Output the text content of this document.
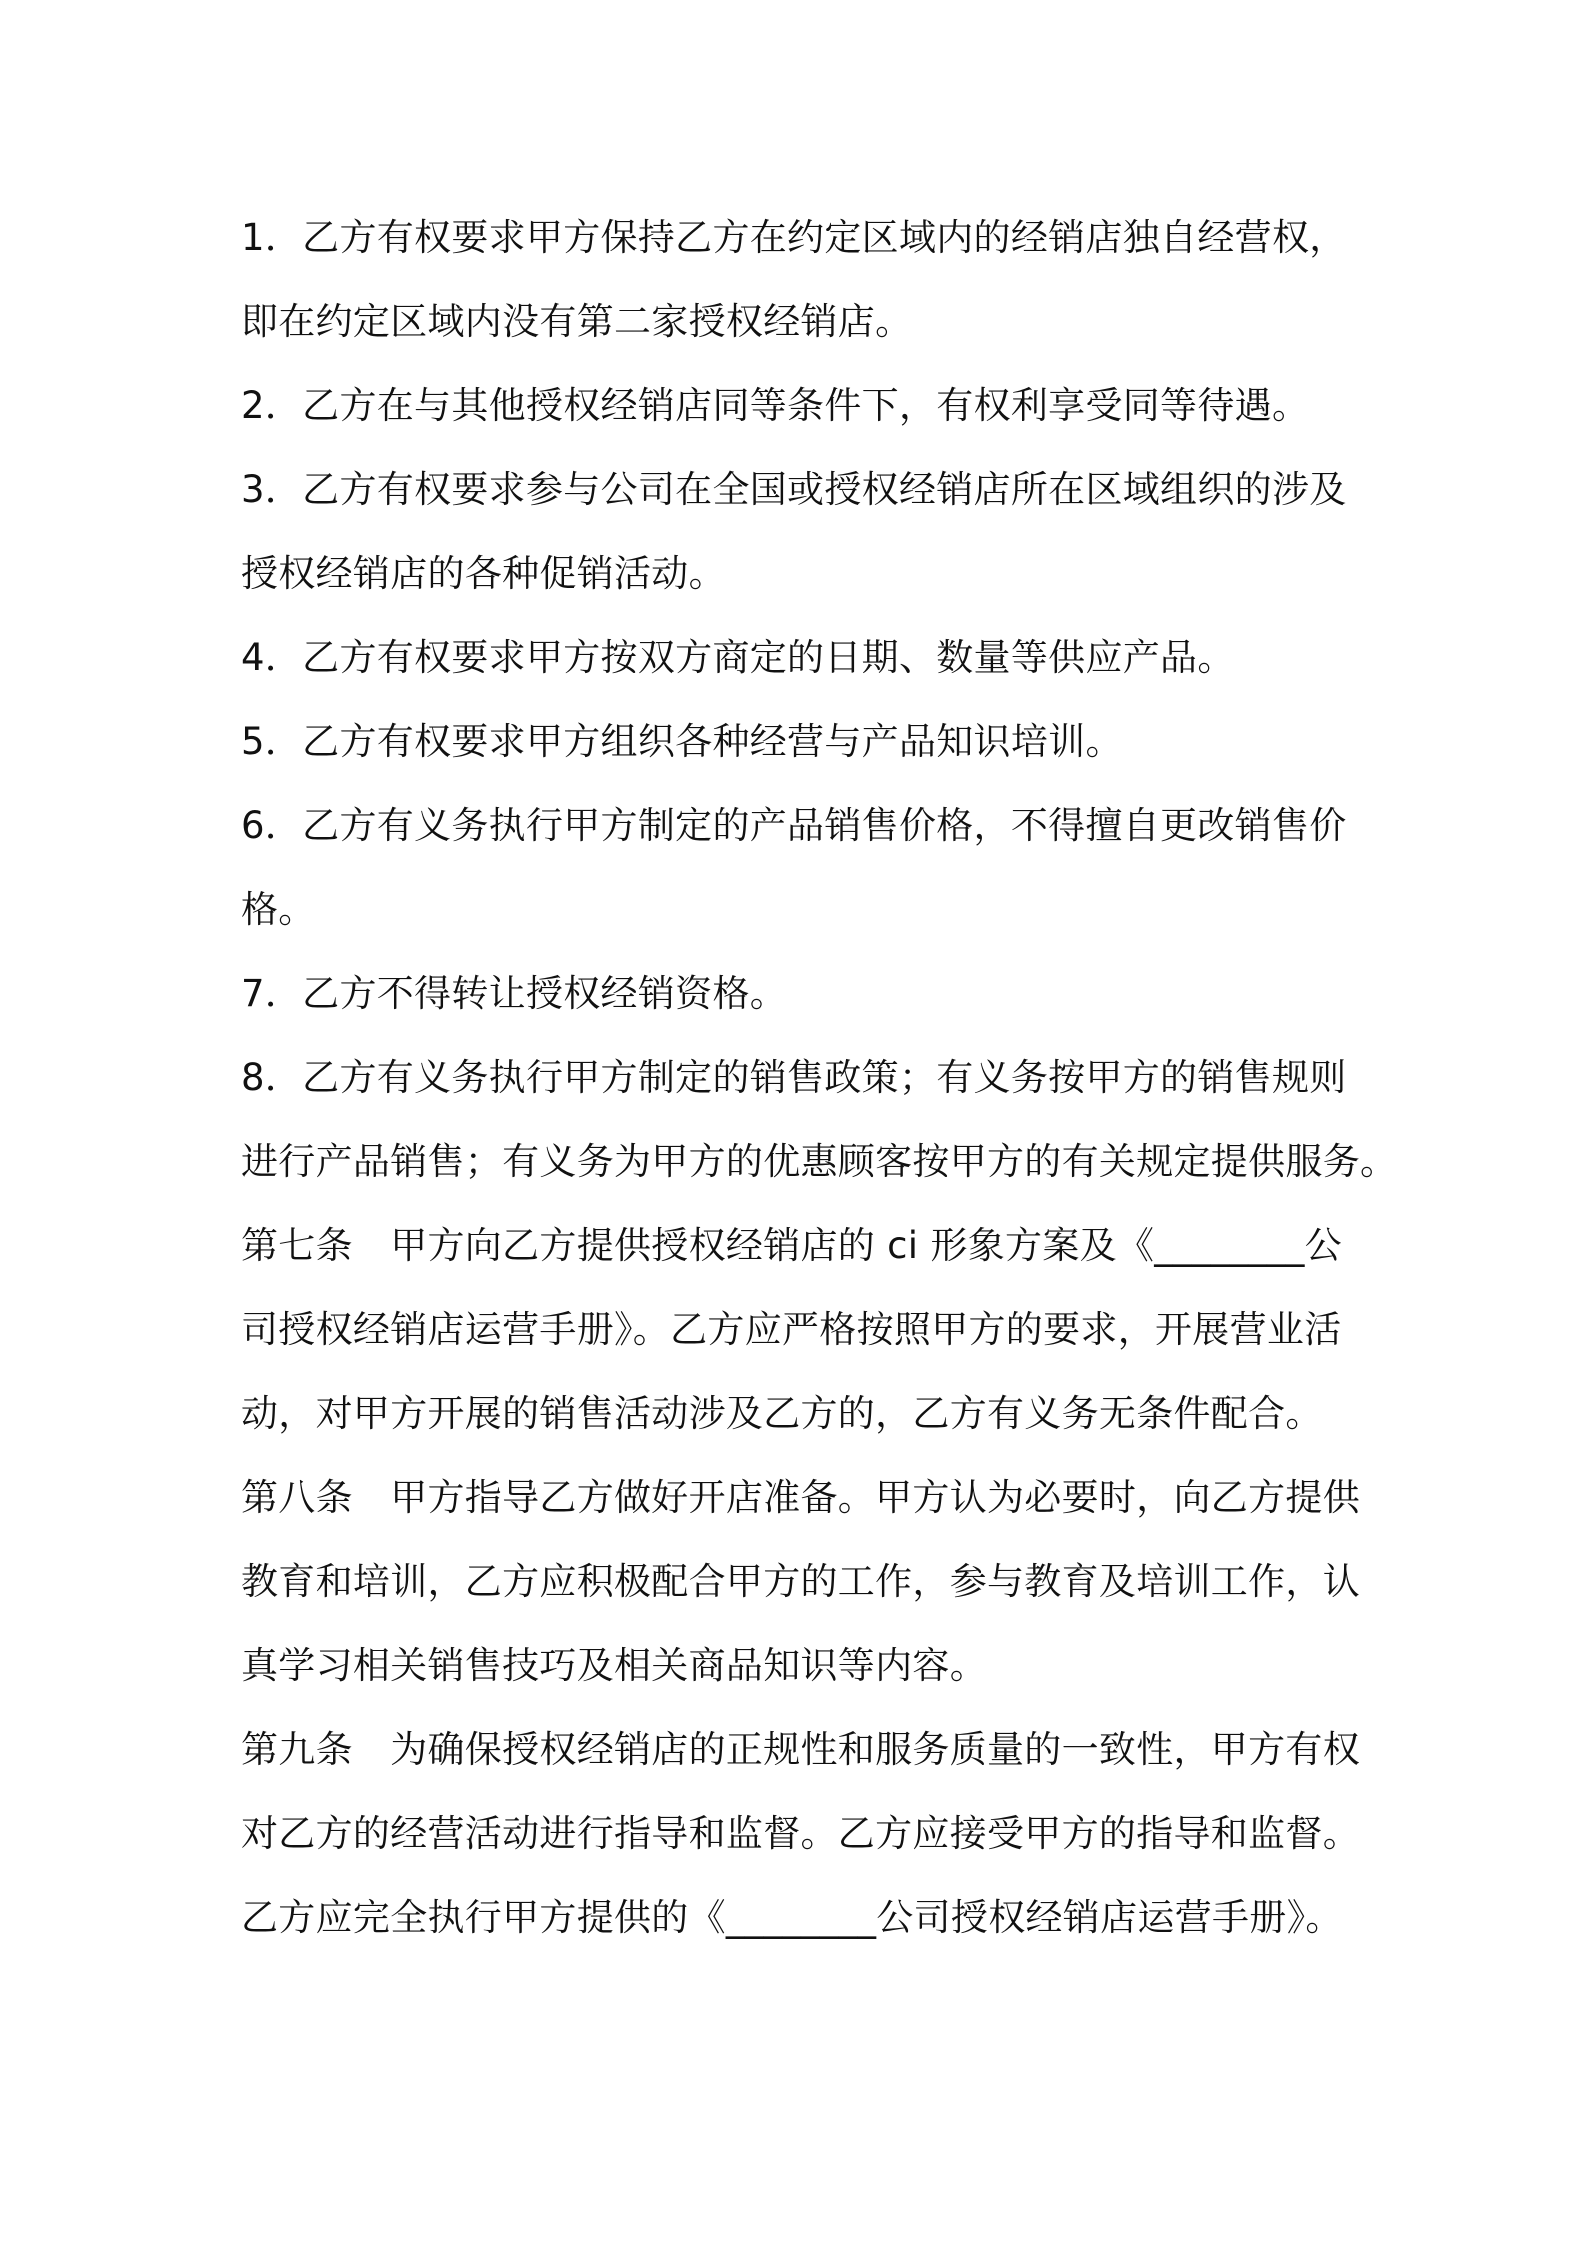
1．乙方有权要求甲方保持乙方在约定区域内的经销店独自经营权，
即在约定区域内没有第二家授权经销店。
2．乙方在与其他授权经销店同等条件下，有权利享受同等待遇。
3．乙方有权要求参与公司在全国或授权经销店所在区域组织的涉及
授权经销店的各种促销活动。
4．乙方有权要求甲方按双方商定的日期、数量等供应产品。
5．乙方有权要求甲方组织各种经营与产品知识培训。
6．乙方有义务执行甲方制定的产品销售价格，不得擅自更改销售价
格。
7．乙方不得转让授权经销资格。
8．乙方有义务执行甲方制定的销售政策；有义务按甲方的销售规则
进行产品销售；有义务为甲方的优惠顾客按甲方的有关规定提供服务。
第七条　甲方向乙方提供授权经销店的 ci 形象方案及《________公
司授权经销店运营手册》。乙方应严格按照甲方的要求，开展营业活
动，对甲方开展的销售活动涉及乙方的，乙方有义务无条件配合。
第八条　甲方指导乙方做好开店准备。甲方认为必要时，向乙方提供
教育和培训，乙方应积极配合甲方的工作，参与教育及培训工作，认
真学习相关销售技巧及相关商品知识等内容。
第九条　为确保授权经销店的正规性和服务质量的一致性，甲方有权
对乙方的经营活动进行指导和监督。乙方应接受甲方的指导和监督。
乙方应完全执行甲方提供的《________公司授权经销店运营手册》。
